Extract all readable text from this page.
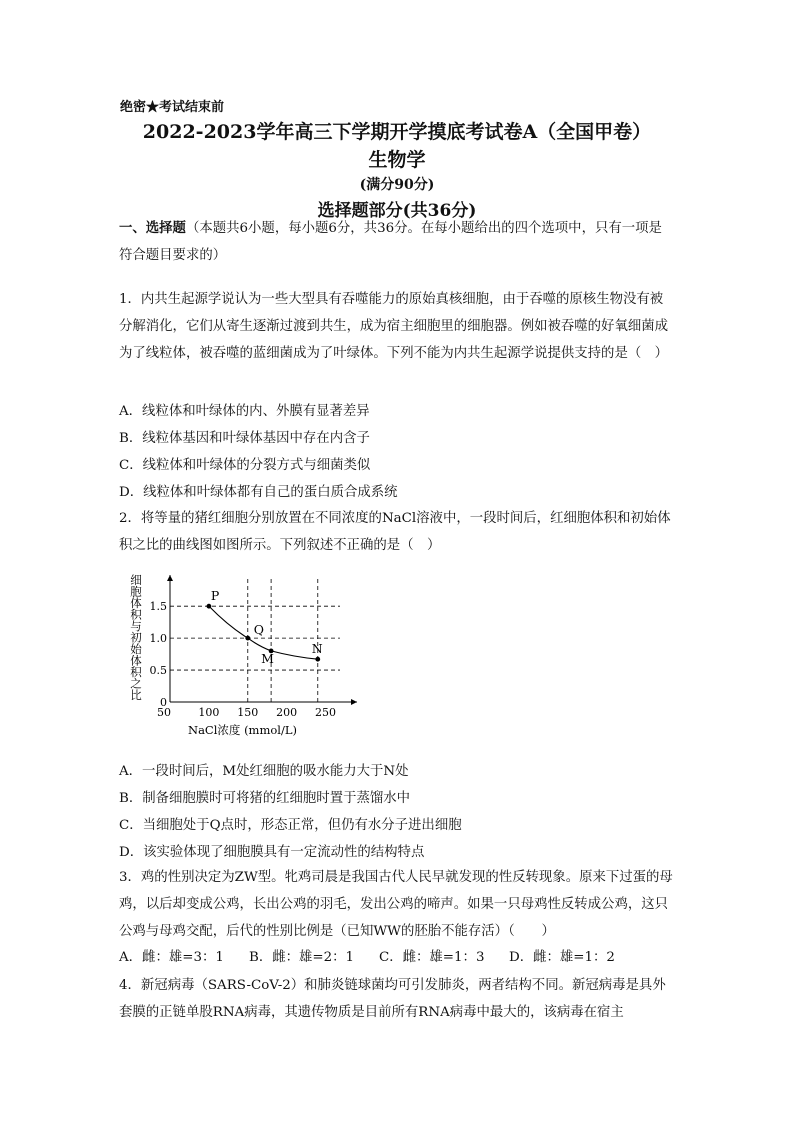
绝密★考试结束前
2022-2023学年高三下学期开学摸底考试卷A（全国甲卷）
生物学
(满分90分)
选择题部分(共36分)
一、选择题（本题共6小题，每小题6分，共36分。在每小题给出的四个选项中，只有一项是符合题目要求的）
1．内共生起源学说认为一些大型具有吞噬能力的原始真核细胞，由于吞噬的原核生物没有被分解消化，它们从寄生逐渐过渡到共生，成为宿主细胞里的细胞器。例如被吞噬的好氧细菌成为了线粒体，被吞噬的蓝细菌成为了叶绿体。下列不能为内共生起源学说提供支持的是（　）
A．线粒体和叶绿体的内、外膜有显著差异
B．线粒体基因和叶绿体基因中存在内含子
C．线粒体和叶绿体的分裂方式与细菌类似
D．线粒体和叶绿体都有自己的蛋白质合成系统
2．将等量的猪红细胞分别放置在不同浓度的NaCl溶液中，一段时间后，红细胞体积和初始体积之比的曲线图如图所示。下列叙述不正确的是（　）
50 100 150 200 250
0
0.5
1.0
1.5
NaCl浓度 (mmol/L)
细胞体积与初始体积之比
P
Q
M
N
A．一段时间后，M处红细胞的吸水能力大于N处
B．制备细胞膜时可将猪的红细胞时置于蒸馏水中
C．当细胞处于Q点时，形态正常，但仍有水分子进出细胞
D．该实验体现了细胞膜具有一定流动性的结构特点
3．鸡的性别决定为ZW型。牝鸡司晨是我国古代人民早就发现的性反转现象。原来下过蛋的母鸡，以后却变成公鸡，长出公鸡的羽毛，发出公鸡的啼声。如果一只母鸡性反转成公鸡，这只公鸡与母鸡交配，后代的性别比例是（已知WW的胚胎不能存活）（　　）
A．雌：雄=3：1	B．雌：雄=2：1	C．雌：雄=1：3	D．雌：雄=1：2
4．新冠病毒（SARS-CoV-2）和肺炎链球菌均可引发肺炎，两者结构不同。新冠病毒是具外套膜的正链单股RNA病毒，其遗传物质是目前所有RNA病毒中最大的，该病毒在宿主
